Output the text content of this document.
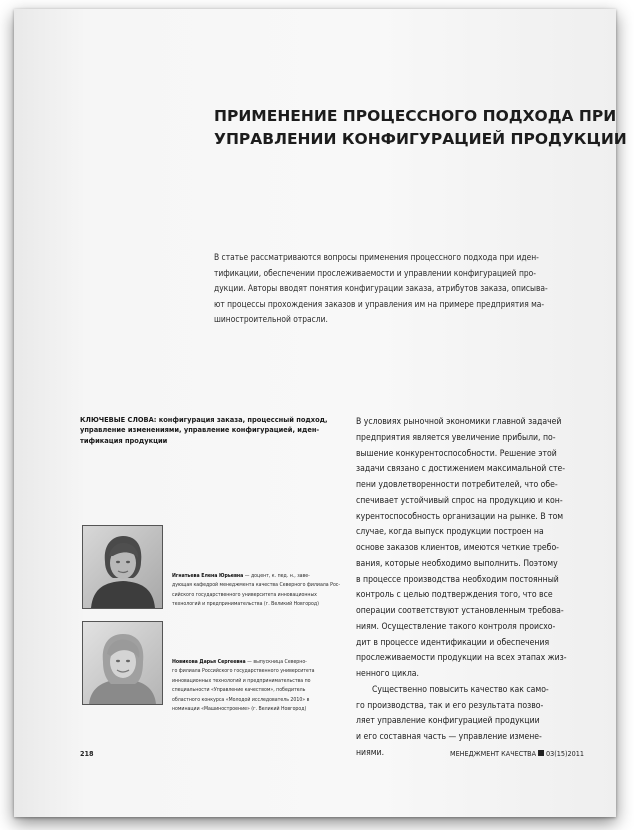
ПРИМЕНЕНИЕ ПРОЦЕССНОГО ПОДХОДА ПРИ
УПРАВЛЕНИИ КОНФИГУРАЦИЕЙ ПРОДУКЦИИ
В статье рассматриваются вопросы применения процессного подхода при иден-
тификации, обеспечении прослеживаемости и управлении конфигурацией про-
дукции. Авторы вводят понятия конфигурации заказа, атрибутов заказа, описыва-
ют процессы прохождения заказов и управления им на примере предприятия ма-
шиностроительной отрасли.
КЛЮЧЕВЫЕ СЛОВА: конфигурация заказа, процессный подход,
управление изменениями, управление конфигурацией, иден-
тификация продукции
Игнатьева Елена Юрьевна — доцент, к. пед. н., заве-
дующая кафедрой менеджмента качества Северного филиала Рос-
сийского государственного университета инновационных
технологий и предпринимательства (г. Великий Новгород)
Новикова Дарья Сергеевна — выпускница Северно-
го филиала Российского государственного университета
инновационных технологий и предпринимательства по
специальности «Управление качеством», победитель
областного конкурса «Молодой исследователь 2010» в
номинации «Машиностроение» (г. Великий Новгород)
В условиях рыночной экономики главной задачей
предприятия является увеличение прибыли, по-
вышение конкурентоспособности. Решение этой
задачи связано с достижением максимальной сте-
пени удовлетворенности потребителей, что обе-
спечивает устойчивый спрос на продукцию и кон-
курентоспособность организации на рынке. В том
случае, когда выпуск продукции построен на
основе заказов клиентов, имеются четкие требо-
вания, которые необходимо выполнить. Поэтому
в процессе производства необходим постоянный
контроль с целью подтверждения того, что все
операции соответствуют установленным требова-
ниям. Осуществление такого контроля происхо-
дит в процессе идентификации и обеспечения
прослеживаемости продукции на всех этапах жиз-
ненного цикла.
Существенно повысить качество как само-
го производства, так и его результата позво-
ляет управление конфигурацией продукции
и его составная часть — управление измене-
ниями.
218	МЕНЕДЖМЕНТ КАЧЕСТВА 03(15)2011
